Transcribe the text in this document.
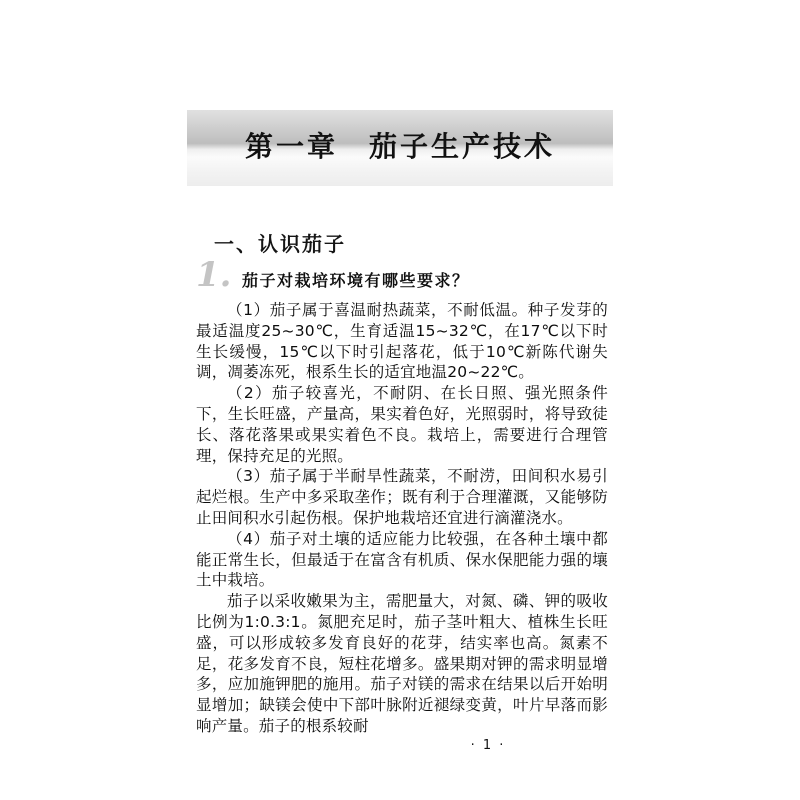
第一章　茄子生产技术
一、认识茄子
1. 茄子对栽培环境有哪些要求？

（1）茄子属于喜温耐热蔬菜，不耐低温。种子发芽的最适温度25~30℃，生育适温15~32℃，在17℃以下时生长缓慢，15℃以下时引起落花，低于10℃新陈代谢失调，凋萎冻死，根系生长的适宜地温20~22℃。

（2）茄子较喜光，不耐阴、在长日照、强光照条件下，生长旺盛，产量高，果实着色好，光照弱时，将导致徒长、落花落果或果实着色不良。栽培上，需要进行合理管理，保持充足的光照。

（3）茄子属于半耐旱性蔬菜，不耐涝，田间积水易引起烂根。生产中多采取垄作；既有利于合理灌溉，又能够防止田间积水引起伤根。保护地栽培还宜进行滴灌浇水。

（4）茄子对土壤的适应能力比较强，在各种土壤中都能正常生长，但最适于在富含有机质、保水保肥能力强的壤土中栽培。

茄子以采收嫩果为主，需肥量大，对氮、磷、钾的吸收比例为1:0.3:1。氮肥充足时，茄子茎叶粗大、植株生长旺盛，可以形成较多发育良好的花芽，结实率也高。氮素不足，花多发育不良，短柱花增多。盛果期对钾的需求明显增多，应加施钾肥的施用。茄子对镁的需求在结果以后开始明显增加；缺镁会使中下部叶脉附近褪绿变黄，叶片早落而影响产量。茄子的根系较耐

· 1 ·
